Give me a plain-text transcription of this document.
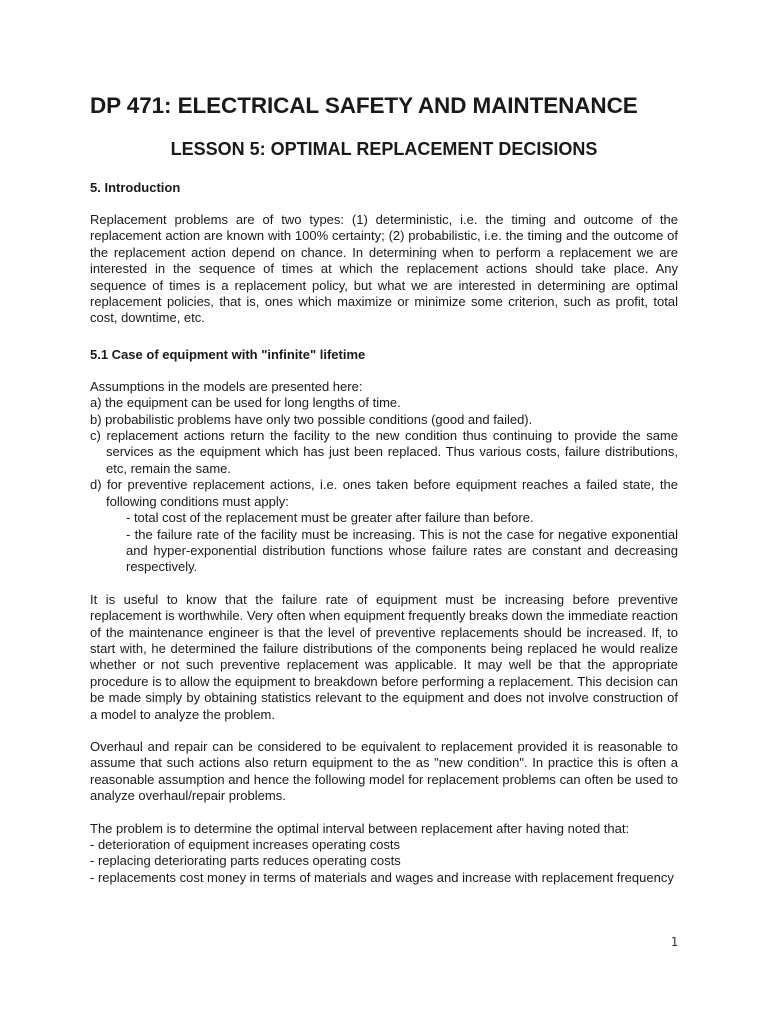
DP 471: ELECTRICAL SAFETY AND MAINTENANCE
LESSON 5: OPTIMAL REPLACEMENT DECISIONS
5. Introduction

Replacement problems are of two types: (1) deterministic, i.e. the timing and outcome of the replacement action are known with 100% certainty; (2) probabilistic, i.e. the timing and the outcome of the replacement action depend on chance. In determining when to perform a replacement we are interested in the sequence of times at which the replacement actions should take place. Any sequence of times is a replacement policy, but what we are interested in determining are optimal replacement policies, that is, ones which maximize or minimize some criterion, such as profit, total cost, downtime, etc.

5.1 Case of equipment with "infinite" lifetime

Assumptions in the models are presented here:

a) the equipment can be used for long lengths of time.

b) probabilistic problems have only two possible conditions (good and failed).

c) replacement actions return the facility to the new condition thus continuing to provide the same services as the equipment which has just been replaced. Thus various costs, failure distributions, etc, remain the same.

d) for preventive replacement actions, i.e. ones taken before equipment reaches a failed state, the following conditions must apply:

- total cost of the replacement must be greater after failure than before.

- the failure rate of the facility must be increasing. This is not the case for negative exponential and hyper-exponential distribution functions whose failure rates are constant and decreasing respectively.

It is useful to know that the failure rate of equipment must be increasing before preventive replacement is worthwhile. Very often when equipment frequently breaks down the immediate reaction of the maintenance engineer is that the level of preventive replacements should be increased. If, to start with, he determined the failure distributions of the components being replaced he would realize whether or not such preventive replacement was applicable. It may well be that the appropriate procedure is to allow the equipment to breakdown before performing a replacement. This decision can be made simply by obtaining statistics relevant to the equipment and does not involve construction of a model to analyze the problem.

Overhaul and repair can be considered to be equivalent to replacement provided it is reasonable to assume that such actions also return equipment to the as "new condition". In practice this is often a reasonable assumption and hence the following model for replacement problems can often be used to analyze overhaul/repair problems.

The problem is to determine the optimal interval between replacement after having noted that:

- deterioration of equipment increases operating costs

- replacing deteriorating parts reduces operating costs

- replacements cost money in terms of materials and wages and increase with replacement frequency

1
